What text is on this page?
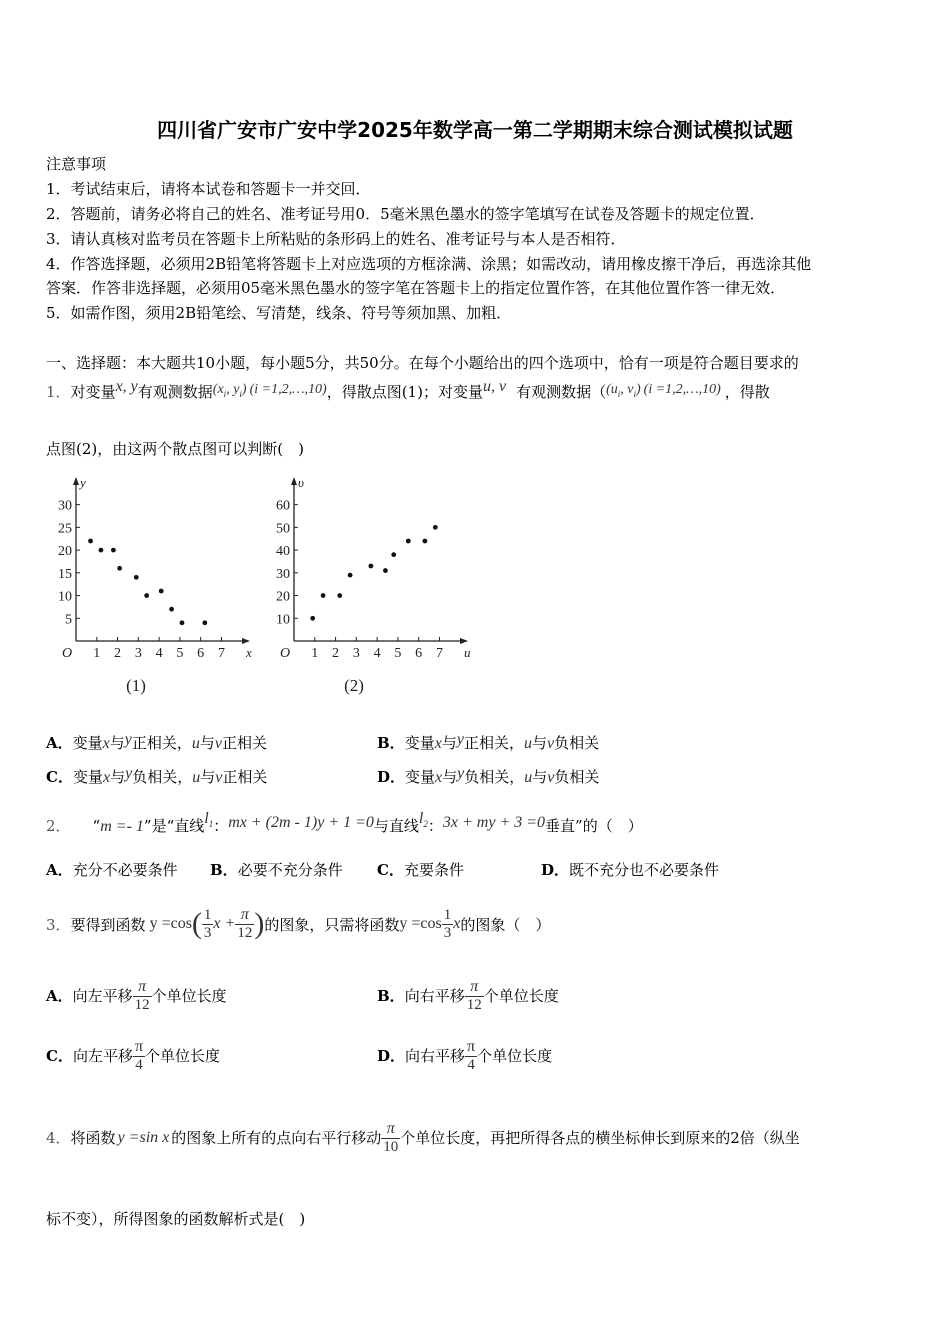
四川省广安市广安中学2025年数学高一第二学期期末综合测试模拟试题
注意事项
1．考试结束后，请将本试卷和答题卡一并交回．
2．答题前，请务必将自己的姓名、准考证号用0．5毫米黑色墨水的签字笔填写在试卷及答题卡的规定位置．
3．请认真核对监考员在答题卡上所粘贴的条形码上的姓名、准考证号与本人是否相符．
4．作答选择题，必须用2B铅笔将答题卡上对应选项的方框涂满、涂黑；如需改动，请用橡皮擦干净后，再选涂其他
答案．作答非选择题，必须用05毫米黑色墨水的签字笔在答题卡上的指定位置作答，在其他位置作答一律无效．
5．如需作图，须用2B铅笔绘、写清楚，线条、符号等须加黑、加粗．
一、选择题：本大题共10小题，每小题5分，共50分。在每个小题给出的四个选项中，恰有一项是符合题目要求的
1．对变量x, y有观测数据($x_i$, $y_i$) (i =1,2,…,10)，得散点图(1)；对变量u, v 有观测数据（($u_i$, $v_i$) (i =1,2,…,10) ，得散
点图(2)，由这两个散点图可以判断(　)
x
y
O 1 2 3 4 5 6 7
5
10
15
20
25
30
(1)
u
υ
O 1 2 3 4 5 6 7
10
20
30
40
50
60
(2)
A．变量x与y正相关，u与v正相关	B．变量x与y正相关，u与v负相关
C．变量x与y负相关，u与v正相关	D．变量x与y负相关，u与v负相关
2． “m =- 1”是“直线$l_1$：mx + (2m - 1)y + 1 =0与直线$l_2$：3x + my + 3 =0垂直”的（　）
A．充分不必要条件 B．必要不充分条件 C．充要条件	D．既不充分也不必要条件
3． 要得到函数 y =cos ( 1
3
$x + \frac{\pi}{12}$ ) 的图象，只需将函数 y =cos 1
3
x 的图象（　）
A． 向左平移
π
12 个单位长度	B． 向右平移
π
12 个单位长度
C． 向左平移
π
4 个单位长度	D． 向右平移
π
4 个单位长度
4． 将函数 y =sin x 的图象上所有的点向右平行移动
π
10 个单位长度，再把所得各点的横坐标伸长到原来的2倍（纵坐
标不变），所得图象的函数解析式是(　)
